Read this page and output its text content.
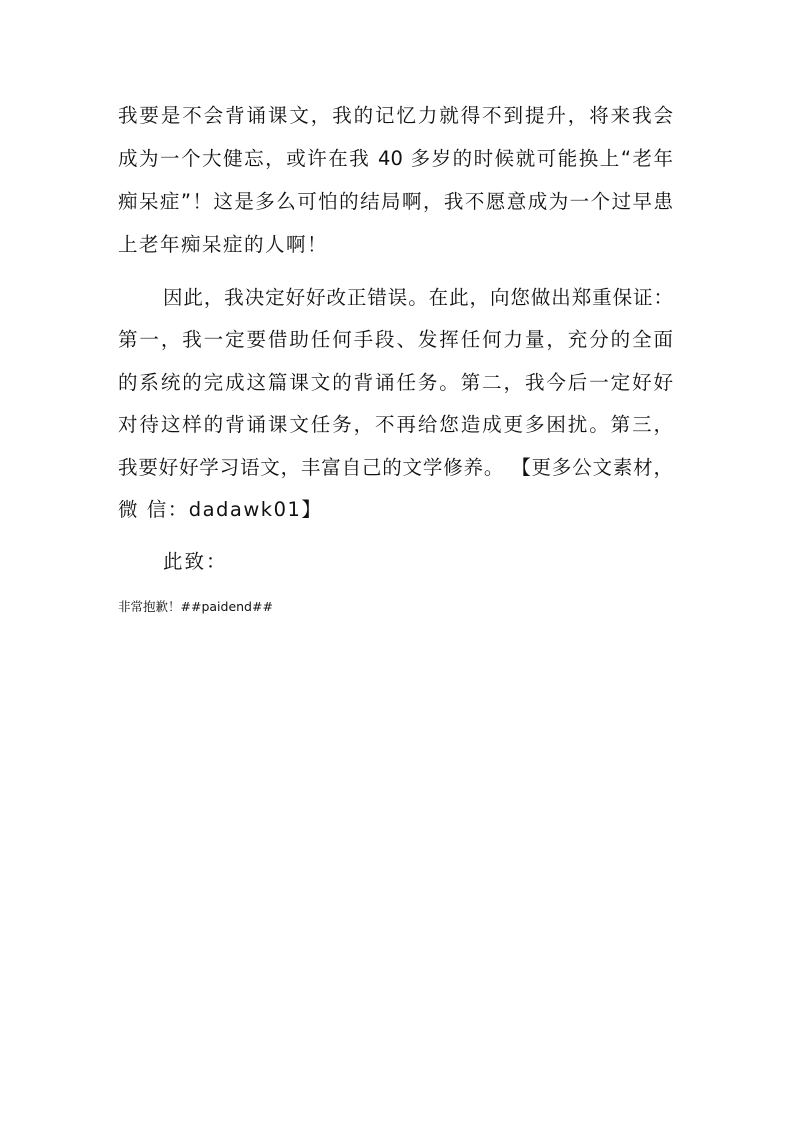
我要是不会背诵课文，我的记忆力就得不到提升，将来我会
成为一个大健忘，或许在我 40 多岁的时候就可能换上“老年
痴呆症”！这是多么可怕的结局啊，我不愿意成为一个过早患
上老年痴呆症的人啊！
因此，我决定好好改正错误。在此，向您做出郑重保证：
第一，我一定要借助任何手段、发挥任何力量，充分的全面
的系统的完成这篇课文的背诵任务。第二，我今后一定好好
对待这样的背诵课文任务，不再给您造成更多困扰。第三，
我要好好学习语文，丰富自己的文学修养。 【更多公文素材，
微 信：dadawk01】
此致：
非常抱歉！##paidend##
